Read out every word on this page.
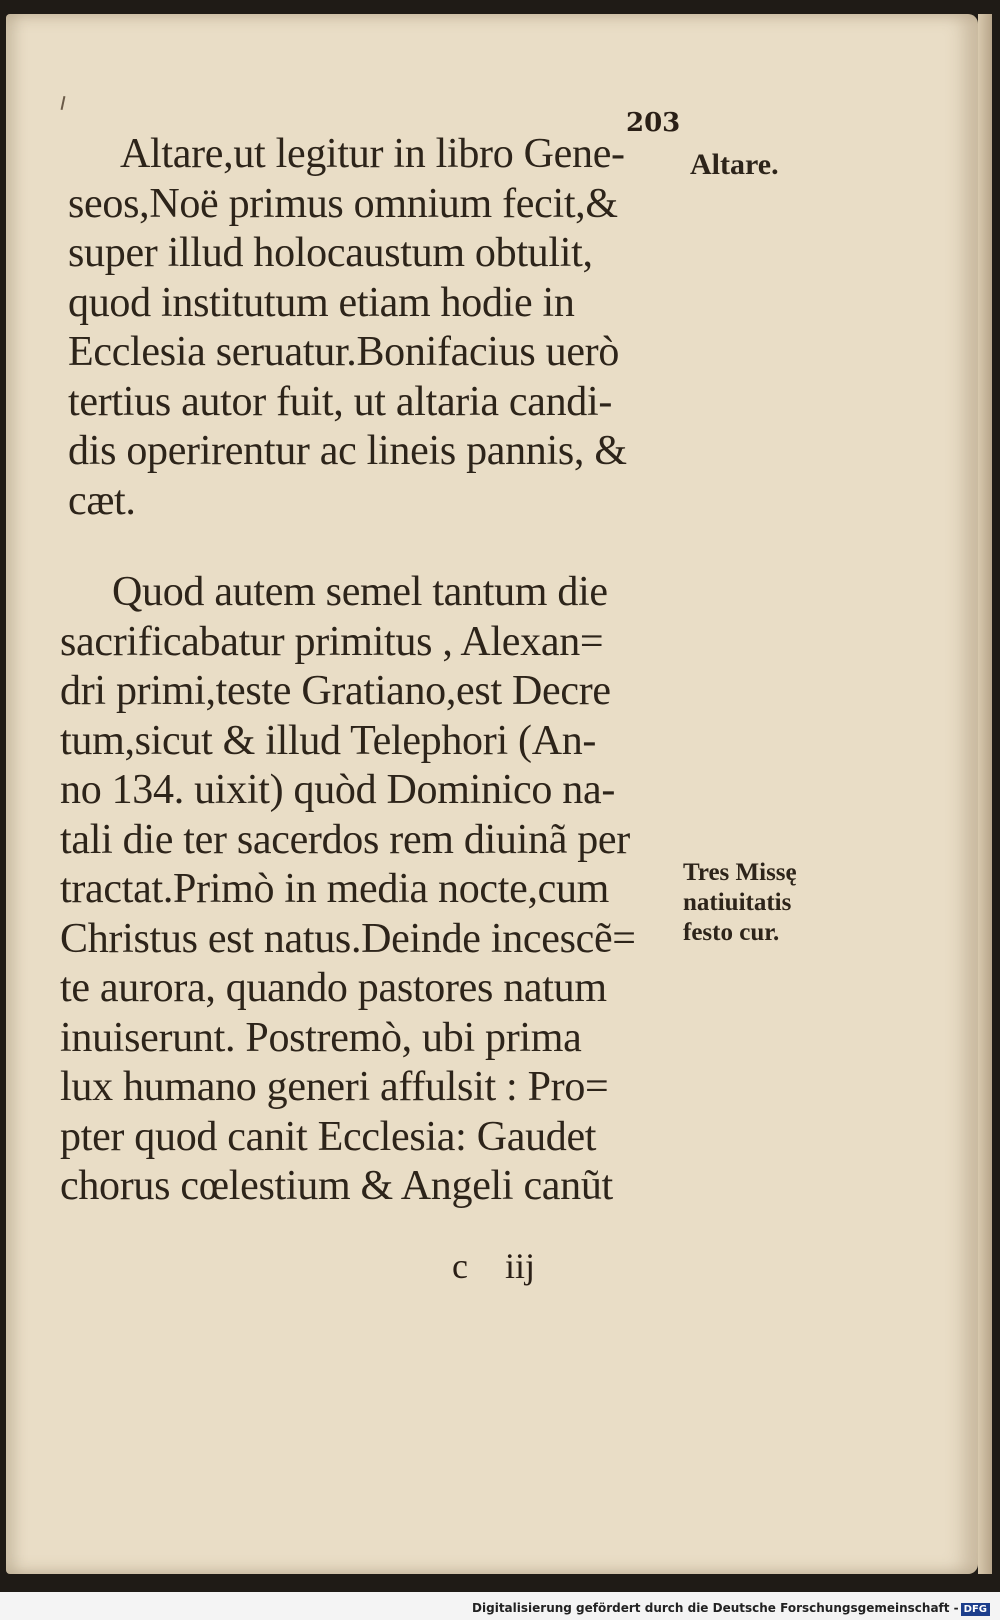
203
Altare,ut legitur in libro Gene-
seos,Noë primus omnium fecit,&
super illud holocaustum obtulit,
quod institutum etiam hodie in
Ecclesia seruatur.Bonifacius uerò
tertius autor fuit, ut altaria candi-
dis operirentur ac lineis pannis, &
cæt.
Altare.
Quod autem semel tantum die
sacrificabatur primitus , Alexan=
dri primi,teste Gratiano,est Decre
tum,sicut & illud Telephori (An-
no 134. uixit) quòd Dominico na-
tali die ter sacerdos rem diuinã per
tractat.Primò in media nocte,cum
Christus est natus.Deinde incescẽ=
te aurora, quando pastores natum
inuiserunt. Postremò, ubi prima
lux humano generi affulsit : Pro=
pter quod canit Ecclesia: Gaudet
chorus cœlestium & Angeli canũt
Tres Missę
natiuitatis
festo cur.
c iij
Digitalisierung gefördert durch die Deutsche Forschungsgemeinschaft - DFG
